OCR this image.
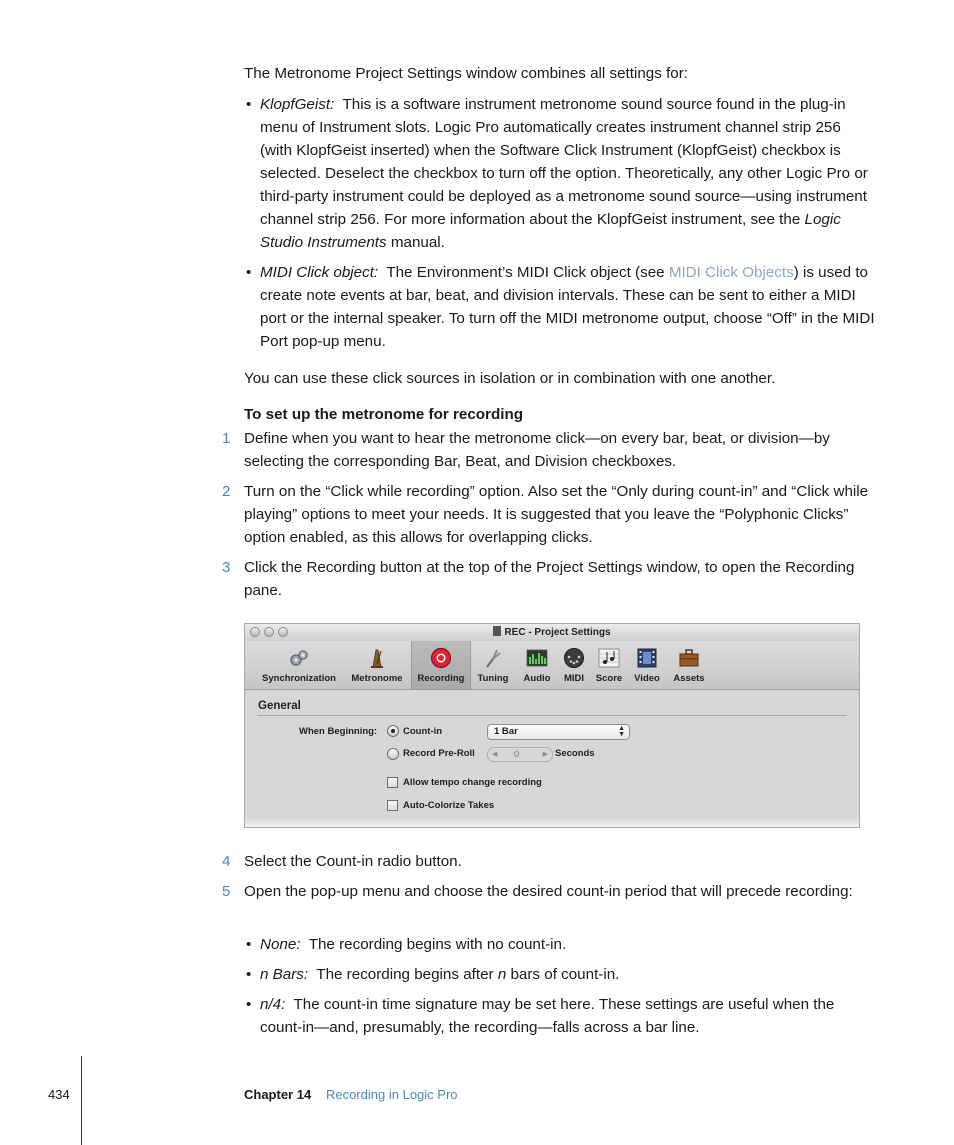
The Metronome Project Settings window combines all settings for:
• KlopfGeist: This is a software instrument metronome sound source found in the plug-in menu of Instrument slots. Logic Pro automatically creates instrument channel strip 256 (with KlopfGeist inserted) when the Software Click Instrument (KlopfGeist) checkbox is selected. Deselect the checkbox to turn off the option. Theoretically, any other Logic Pro or third-party instrument could be deployed as a metronome sound source—using instrument channel strip 256. For more information about the KlopfGeist instrument, see the Logic Studio Instruments manual.
• MIDI Click object: The Environment’s MIDI Click object (see MIDI Click Objects) is used to create note events at bar, beat, and division intervals. These can be sent to either a MIDI port or the internal speaker. To turn off the MIDI metronome output, choose “Off” in the MIDI Port pop-up menu.
You can use these click sources in isolation or in combination with one another.
To set up the metronome for recording
1 Define when you want to hear the metronome click—on every bar, beat, or division—by selecting the corresponding Bar, Beat, and Division checkboxes.
2 Turn on the “Click while recording” option. Also set the “Only during count-in” and “Click while playing” options to meet your needs. It is suggested that you leave the “Polyphonic Clicks” option enabled, as this allows for overlapping clicks.
3 Click the Recording button at the top of the Project Settings window, to open the Recording pane.
REC - Project Settings
Synchronization	Metronome	Recording	Tuning	Audio	MIDI	Score	Video	Assets
General
When Beginning:	Count-in	1 Bar	▲
▼
Record Pre-Roll ◀ 0	▶ Seconds
Allow tempo change recording
Auto-Colorize Takes
4 Select the Count-in radio button.
5 Open the pop-up menu and choose the desired count-in period that will precede recording:
• None: The recording begins with no count-in.
• n Bars: The recording begins after n bars of count-in.
• n/4: The count-in time signature may be set here. These settings are useful when the count-in—and, presumably, the recording—falls across a bar line.
434	Chapter 14 Recording in Logic Pro
